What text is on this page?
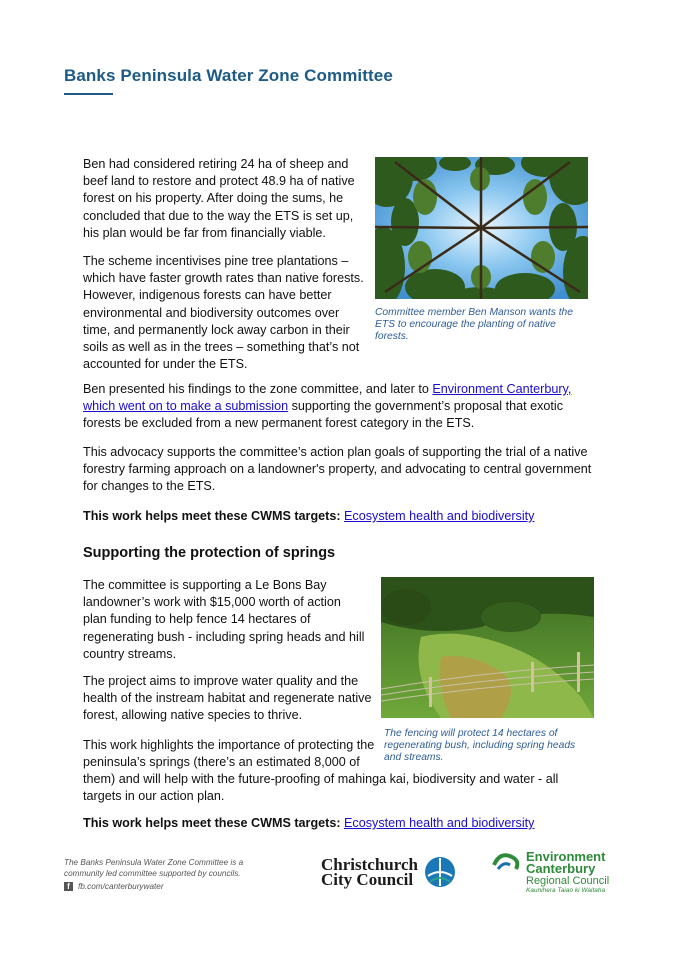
Banks Peninsula Water Zone Committee

Ben had considered retiring 24 ha of sheep and beef land to restore and protect 48.9 ha of native forest on his property. After doing the sums, he concluded that due to the way the ETS is set up, his plan would be far from financially viable.

The scheme incentivises pine tree plantations – which have faster growth rates than native forests. However, indigenous forests can have better environmental and biodiversity outcomes over time, and permanently lock away carbon in their soils as well as in the trees – something that’s not accounted for under the ETS.

Committee member Ben Manson wants the ETS to encourage the planting of native forests.

Ben presented his findings to the zone committee, and later to Environment Canterbury, which went on to make a submission supporting the government’s proposal that exotic forests be excluded from a new permanent forest category in the ETS.

This advocacy supports the committee’s action plan goals of supporting the trial of a native forestry farming approach on a landowner's property, and advocating to central government for changes to the ETS.

This work helps meet these CWMS targets: Ecosystem health and biodiversity

Supporting the protection of springs

The committee is supporting a Le Bons Bay landowner’s work with $15,000 worth of action plan funding to help fence 14 hectares of regenerating bush - including spring heads and hill country streams.

The project aims to improve water quality and the health of the instream habitat and regenerate native forest, allowing native species to thrive.

The fencing will protect 14 hectares of regenerating bush, including spring heads and streams.

This work highlights the importance of protecting the
peninsula’s springs (there’s an estimated 8,000 of

them) and will help with the future-proofing of mahinga kai, biodiversity and water - all targets in our action plan.

This work helps meet these CWMS targets: Ecosystem health and biodiversity

The Banks Peninsula Water Zone Committee is a
community led committee supported by councils.
f fb.com/canterburywater
Christchurch
City Council
Environment
Canterbury
Regional Council
Kaunihera Taiao ki Waitaha
